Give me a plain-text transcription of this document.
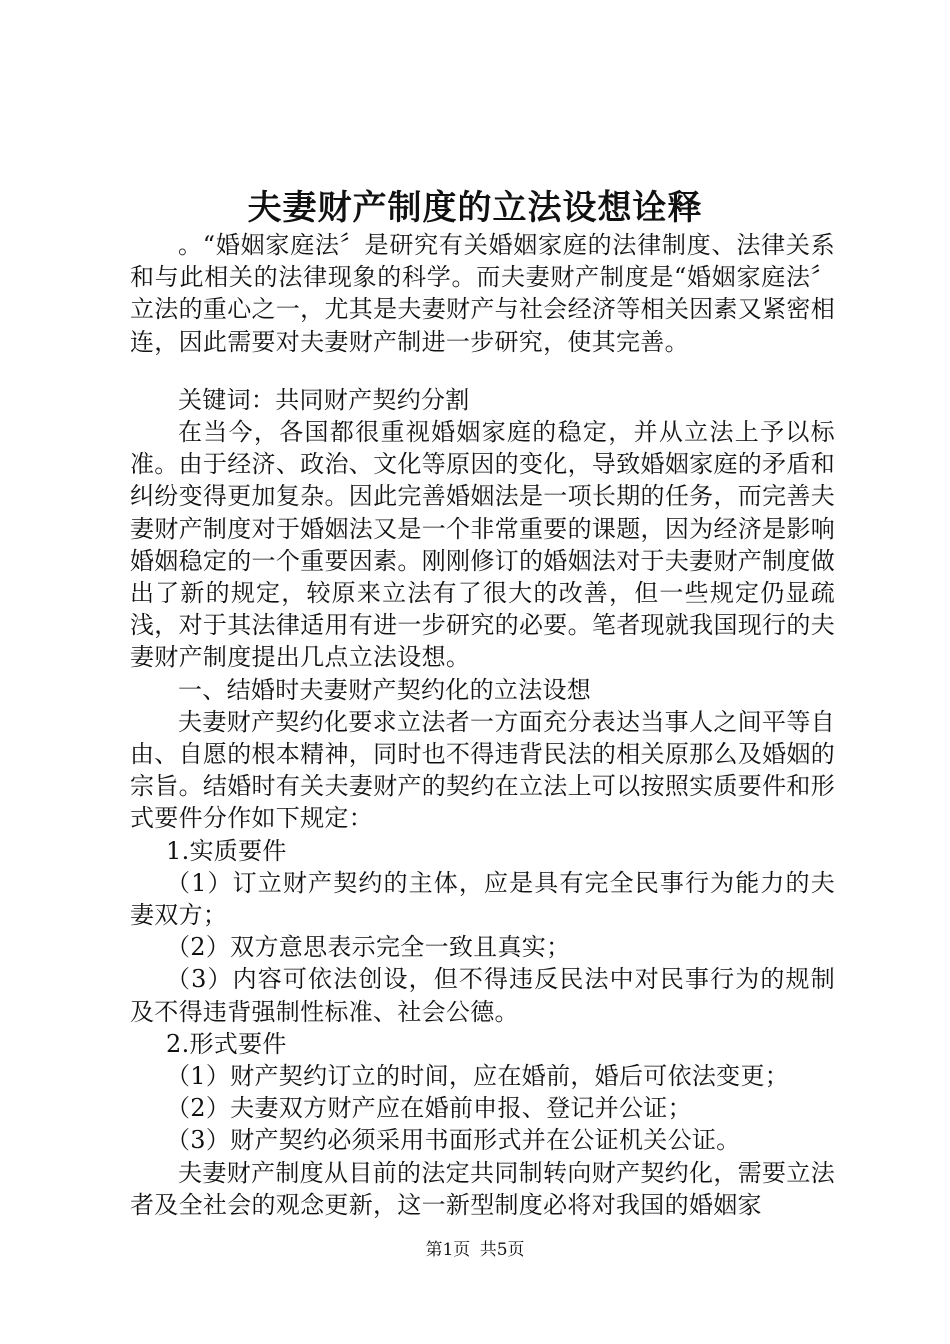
夫妻财产制度的立法设想诠释

。“婚姻家庭法〞是研究有关婚姻家庭的法律制度、法律关系和与此相关的法律现象的科学。而夫妻财产制度是“婚姻家庭法〞立法的重心之一，尤其是夫妻财产与社会经济等相关因素又紧密相连，因此需要对夫妻财产制进一步研究，使其完善。

关键词：共同财产契约分割

在当今，各国都很重视婚姻家庭的稳定，并从立法上予以标准。由于经济、政治、文化等原因的变化，导致婚姻家庭的矛盾和纠纷变得更加复杂。因此完善婚姻法是一项长期的任务，而完善夫妻财产制度对于婚姻法又是一个非常重要的课题，因为经济是影响婚姻稳定的一个重要因素。刚刚修订的婚姻法对于夫妻财产制度做出了新的规定，较原来立法有了很大的改善，但一些规定仍显疏浅，对于其法律适用有进一步研究的必要。笔者现就我国现行的夫妻财产制度提出几点立法设想。

一、结婚时夫妻财产契约化的立法设想

夫妻财产契约化要求立法者一方面充分表达当事人之间平等自由、自愿的根本精神，同时也不得违背民法的相关原那么及婚姻的宗旨。结婚时有关夫妻财产的契约在立法上可以按照实质要件和形式要件分作如下规定：

1.实质要件

（1）订立财产契约的主体，应是具有完全民事行为能力的夫妻双方；

（2）双方意思表示完全一致且真实；

（3）内容可依法创设，但不得违反民法中对民事行为的规制及不得违背强制性标准、社会公德。

2.形式要件

（1）财产契约订立的时间，应在婚前，婚后可依法变更；

（2）夫妻双方财产应在婚前申报、登记并公证；

（3）财产契约必须采用书面形式并在公证机关公证。

夫妻财产制度从目前的法定共同制转向财产契约化，需要立法者及全社会的观念更新，这一新型制度必将对我国的婚姻家

第1页 共5页
